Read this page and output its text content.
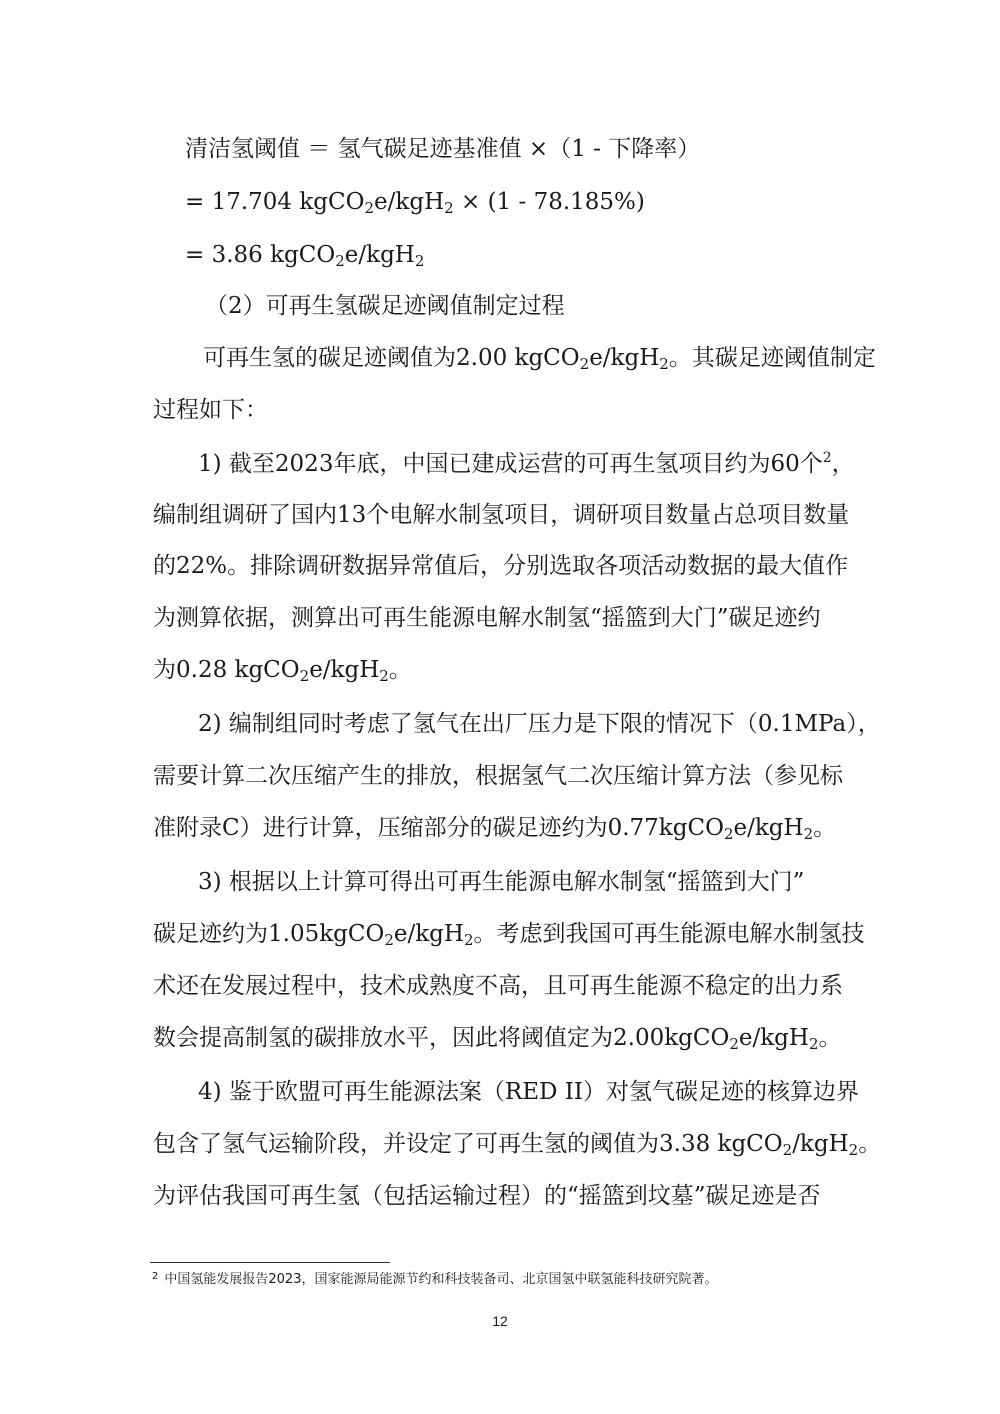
清洁氢阈值 ＝ 氢气碳足迹基准值 ×（1 - 下降率）
= 17.704 kgCO$_2$e/kgH$_2$ × (1 - 78.185%)
= 3.86 kgCO$_2$e/kgH$_2$
（2）可再生氢碳足迹阈值制定过程
可再生氢的碳足迹阈值为2.00 kgCO$_2$e/kgH$_2$。其碳足迹阈值制定
过程如下：
1) 截至2023年底，中国已建成运营的可再生氢项目约为60个$^2$，
编制组调研了国内13个电解水制氢项目，调研项目数量占总项目数量
的22%。排除调研数据异常值后，分别选取各项活动数据的最大值作
为测算依据，测算出可再生能源电解水制氢“摇篮到大门”碳足迹约
为0.28 kgCO$_2$e/kgH$_2$。
2) 编制组同时考虑了氢气在出厂压力是下限的情况下（0.1MPa），
需要计算二次压缩产生的排放，根据氢气二次压缩计算方法（参见标
准附录C）进行计算，压缩部分的碳足迹约为0.77kgCO$_2$e/kgH$_2$。
3) 根据以上计算可得出可再生能源电解水制氢“摇篮到大门”
碳足迹约为1.05kgCO$_2$e/kgH$_2$。考虑到我国可再生能源电解水制氢技
术还在发展过程中，技术成熟度不高，且可再生能源不稳定的出力系
数会提高制氢的碳排放水平，因此将阈值定为2.00kgCO$_2$e/kgH$_2$。
4) 鉴于欧盟可再生能源法案（RED II）对氢气碳足迹的核算边界
包含了氢气运输阶段，并设定了可再生氢的阈值为3.38 kgCO$_2$/kgH$_2$。
为评估我国可再生氢（包括运输过程）的“摇篮到坟墓”碳足迹是否
$^2$ 中国氢能发展报告2023，国家能源局能源节约和科技装备司、北京国氢中联氢能科技研究院著。
12
